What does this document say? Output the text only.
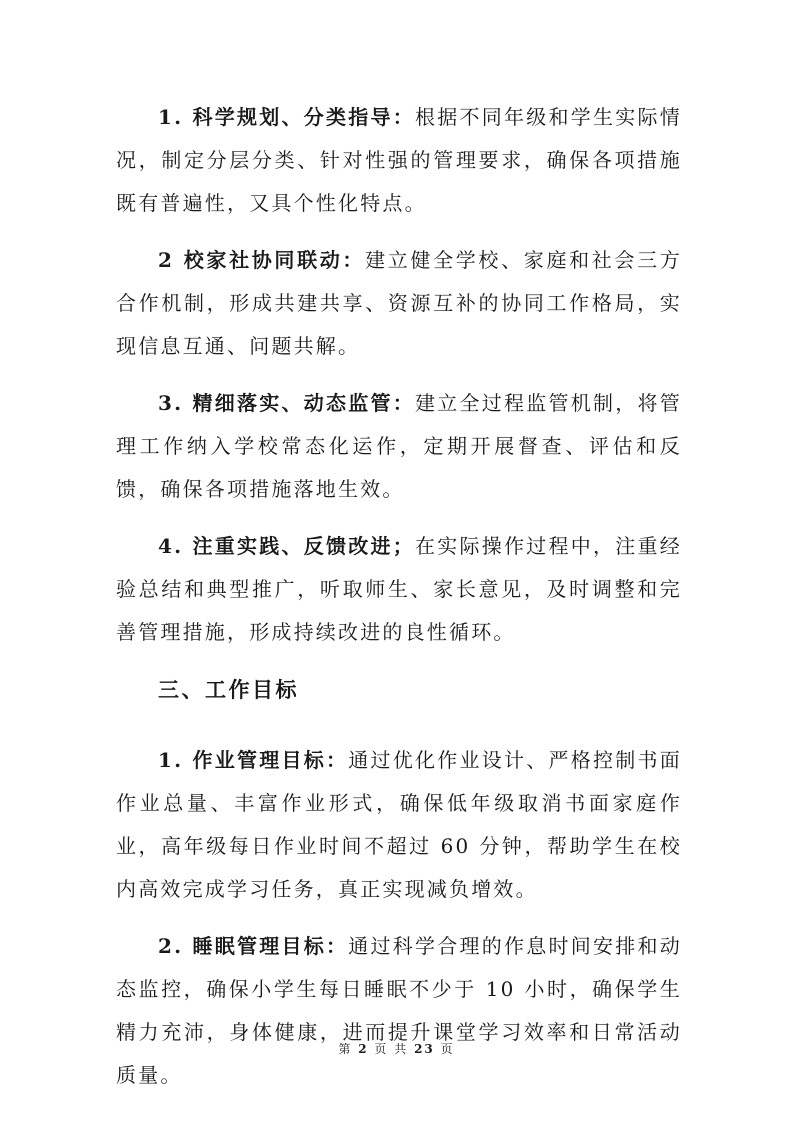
1. 科学规划、分类指导：根据不同年级和学生实际情况，制定分层分类、针对性强的管理要求，确保各项措施既有普遍性，又具个性化特点。

2 校家社协同联动：建立健全学校、家庭和社会三方合作机制，形成共建共享、资源互补的协同工作格局，实现信息互通、问题共解。

3. 精细落实、动态监管：建立全过程监管机制，将管理工作纳入学校常态化运作，定期开展督查、评估和反馈，确保各项措施落地生效。

4. 注重实践、反馈改进；在实际操作过程中，注重经验总结和典型推广，听取师生、家长意见，及时调整和完善管理措施，形成持续改进的良性循环。

三、工作目标

1. 作业管理目标：通过优化作业设计、严格控制书面作业总量、丰富作业形式，确保低年级取消书面家庭作业，高年级每日作业时间不超过 60 分钟，帮助学生在校内高效完成学习任务，真正实现减负增效。

2. 睡眠管理目标：通过科学合理的作息时间安排和动态监控，确保小学生每日睡眠不少于 10 小时，确保学生精力充沛，身体健康，进而提升课堂学习效率和日常活动质量。

第 2 页 共 23 页
